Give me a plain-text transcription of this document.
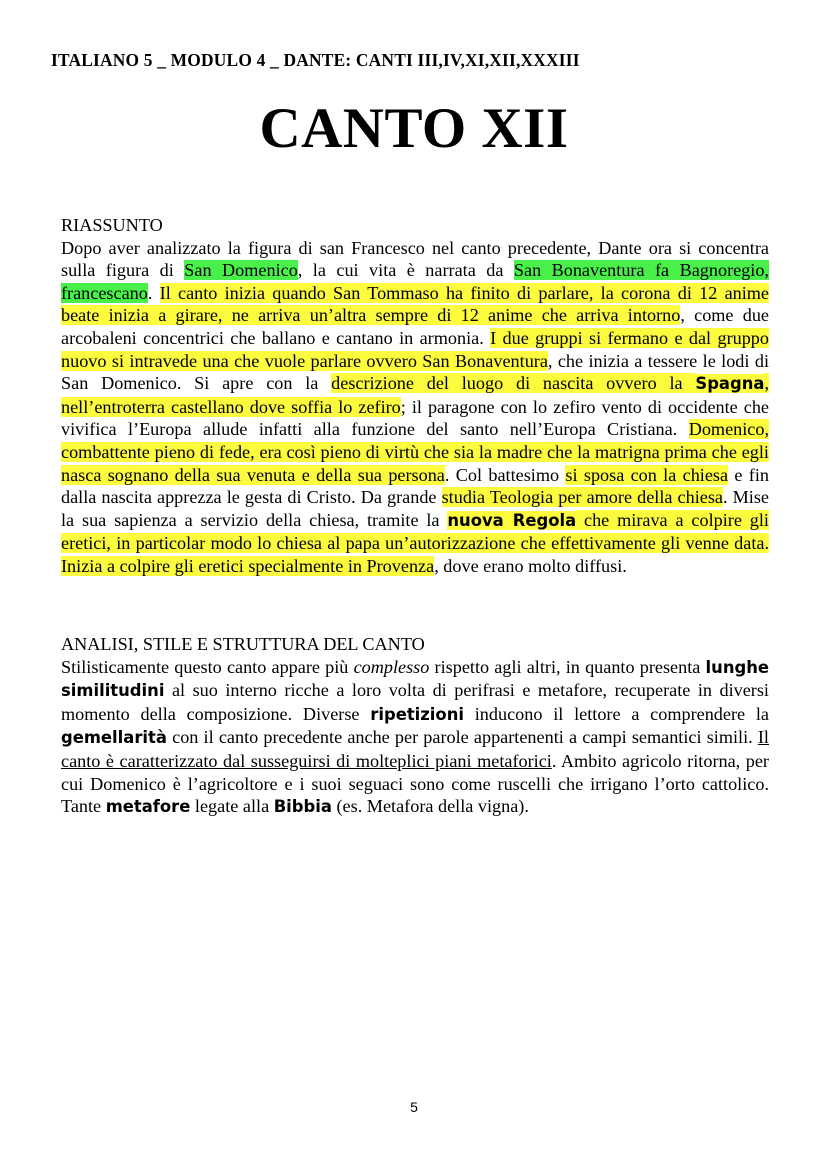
ITALIANO 5 _ MODULO 4 _ DANTE: CANTI III,IV,XI,XII,XXXIII

CANTO XII

RIASSUNTO

Dopo aver analizzato la figura di san Francesco nel canto precedente, Dante ora si concentra sulla figura di San Domenico, la cui vita è narrata da San Bonaventura fa Bagnoregio, francescano. Il canto inizia quando San Tommaso ha finito di parlare, la corona di 12 anime beate inizia a girare, ne arriva un’altra sempre di 12 anime che arriva intorno, come due arcobaleni concentrici che ballano e cantano in armonia. I due gruppi si fermano e dal gruppo nuovo si intravede una che vuole parlare ovvero San Bonaventura, che inizia a tessere le lodi di San Domenico. Si apre con la descrizione del luogo di nascita ovvero la Spagna, nell’entroterra castellano dove soffia lo zefiro; il paragone con lo zefiro vento di occidente che vivifica l’Europa allude infatti alla funzione del santo nell’Europa Cristiana. Domenico, combattente pieno di fede, era così pieno di virtù che sia la madre che la matrigna prima che egli nasca sognano della sua venuta e della sua persona. Col battesimo si sposa con la chiesa e fin dalla nascita apprezza le gesta di Cristo. Da grande studia Teologia per amore della chiesa. Mise la sua sapienza a servizio della chiesa, tramite la nuova Regola che mirava a colpire gli eretici, in particolar modo lo chiesa al papa un’autorizzazione che effettivamente gli venne data. Inizia a colpire gli eretici specialmente in Provenza, dove erano molto diffusi.

ANALISI, STILE E STRUTTURA DEL CANTO

Stilisticamente questo canto appare più complesso rispetto agli altri, in quanto presenta lunghe similitudini al suo interno ricche a loro volta di perifrasi e metafore, recuperate in diversi momento della composizione. Diverse ripetizioni inducono il lettore a comprendere la gemellarità con il canto precedente anche per parole appartenenti a campi semantici simili. Il canto è caratterizzato dal susseguirsi di molteplici piani metaforici. Ambito agricolo ritorna, per cui Domenico è l’agricoltore e i suoi seguaci sono come ruscelli che irrigano l’orto cattolico. Tante metafore legate alla Bibbia (es. Metafora della vigna).

5
